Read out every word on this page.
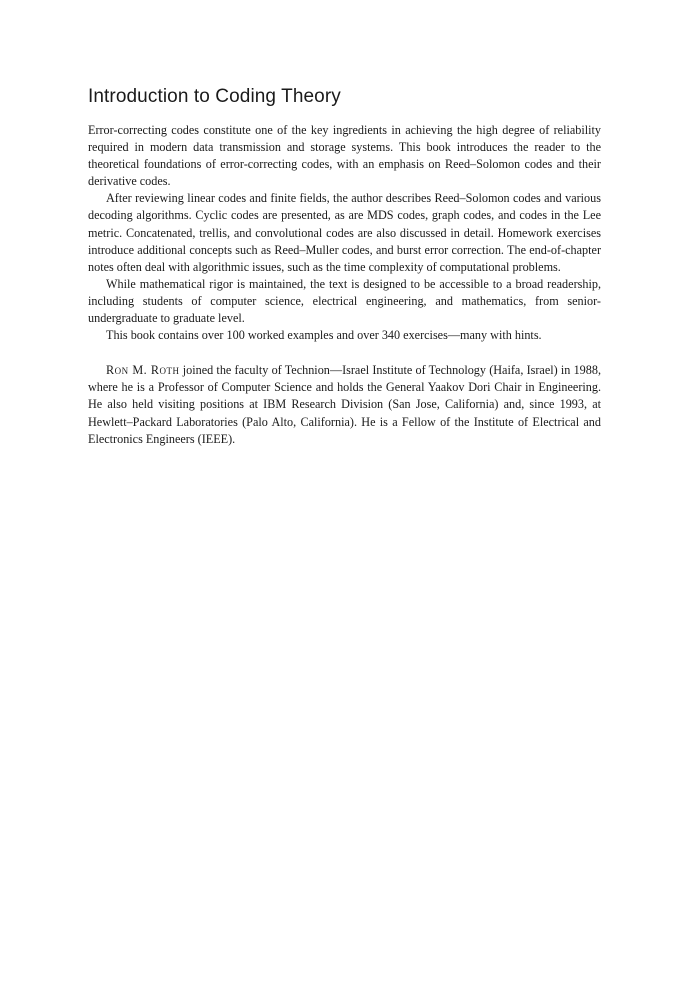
Introduction to Coding Theory

Error-correcting codes constitute one of the key ingredients in achieving the high degree of reliability required in modern data transmission and storage systems. This book introduces the reader to the theoretical foundations of error-correcting codes, with an emphasis on Reed–Solomon codes and their derivative codes.

After reviewing linear codes and finite fields, the author describes Reed–Solomon codes and various decoding algorithms. Cyclic codes are presented, as are MDS codes, graph codes, and codes in the Lee metric. Concatenated, trellis, and convolutional codes are also discussed in detail. Homework exercises introduce additional concepts such as Reed–Muller codes, and burst error correction. The end-of-chapter notes often deal with algorithmic issues, such as the time complexity of computational problems.

While mathematical rigor is maintained, the text is designed to be accessible to a broad readership, including students of computer science, electrical engineering, and mathematics, from senior-undergraduate to graduate level.

This book contains over 100 worked examples and over 340 exercises—many with hints.

Ron M. Roth joined the faculty of Technion—Israel Institute of Technology (Haifa, Israel) in 1988, where he is a Professor of Computer Science and holds the General Yaakov Dori Chair in Engineering. He also held visiting positions at IBM Research Division (San Jose, California) and, since 1993, at Hewlett–Packard Laboratories (Palo Alto, California). He is a Fellow of the Institute of Electrical and Electronics Engineers (IEEE).
